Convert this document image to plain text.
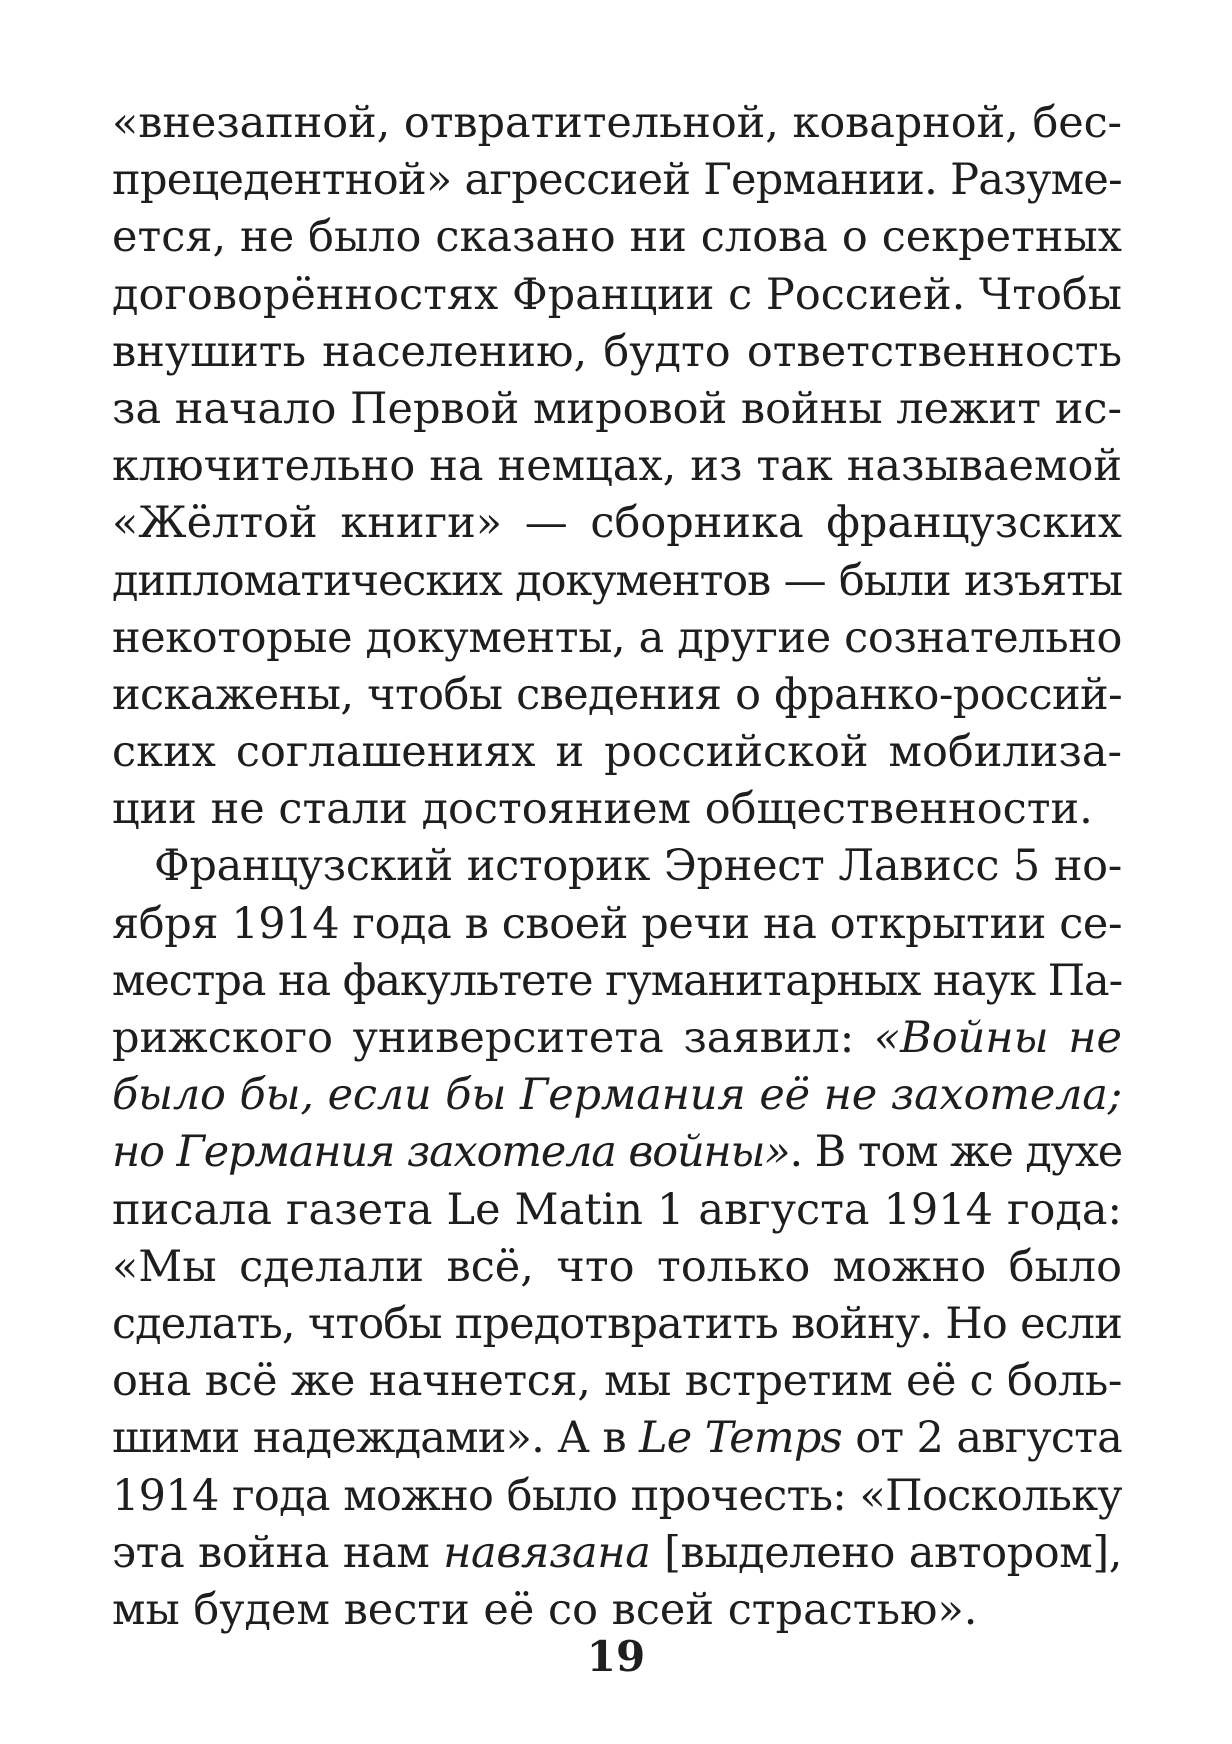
«внезапной, отвратительной, коварной, бес-
прецедентной» агрессией Германии. Разуме-
ется, не было сказано ни слова о секретных
договорённостях Франции с Россией. Чтобы
внушить населению, будто ответственность
за начало Первой мировой войны лежит ис-
ключительно на немцах, из так называемой
«Жёлтой книги» — сборника французских
дипломатических документов — были изъяты
некоторые документы, а другие сознательно
искажены, чтобы сведения о франко-россий-
ских соглашениях и российской мобилиза-
ции не стали достоянием общественности.
Французский историк Эрнест Лависс 5 но-
ября 1914 года в своей речи на открытии се-
местра на факультете гуманитарных наук Па-
рижского университета заявил: «Войны не
было бы, если бы Германия её не захотела;
но Германия захотела войны». В том же духе
писала газета Le Matin 1 августа 1914 года:
«Мы сделали всё, что только можно было
сделать, чтобы предотвратить войну. Но если
она всё же начнется, мы встретим её с боль-
шими надеждами». А в Le Temps от 2 августа
1914 года можно было прочесть: «Поскольку
эта война нам навязана [выделено автором],
мы будем вести её со всей страстью».
19
